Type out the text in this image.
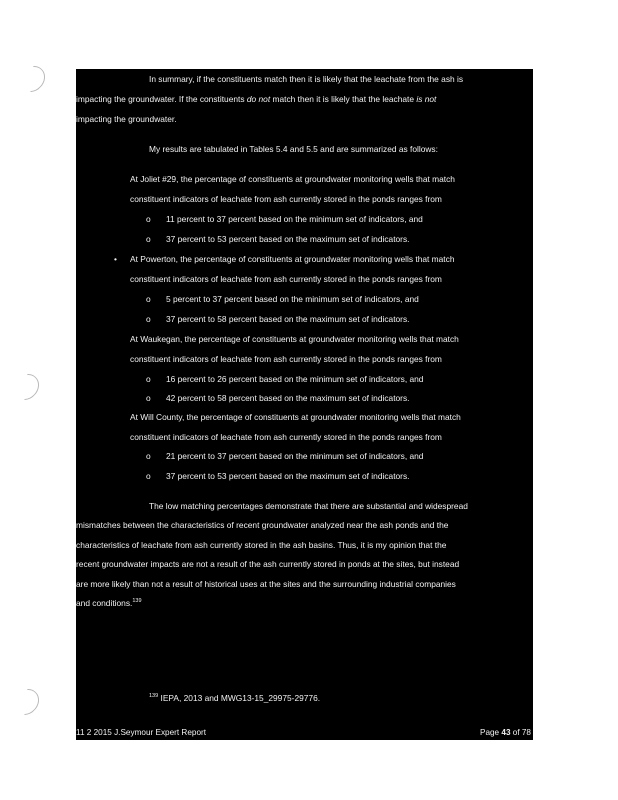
In summary, if the constituents match then it is likely that the leachate from the ash is
impacting the groundwater. If the constituents do not match then it is likely that the leachate is not
impacting the groundwater.
My results are tabulated in Tables 5.4 and 5.5 and are summarized as follows:
At Joliet #29, the percentage of constituents at groundwater monitoring wells that match
constituent indicators of leachate from ash currently stored in the ponds ranges from
o 11 percent to 37 percent based on the minimum set of indicators, and
o 37 percent to 53 percent based on the maximum set of indicators.
• At Powerton, the percentage of constituents at groundwater monitoring wells that match
constituent indicators of leachate from ash currently stored in the ponds ranges from
o 5 percent to 37 percent based on the minimum set of indicators, and
o 37 percent to 58 percent based on the maximum set of indicators.
At Waukegan, the percentage of constituents at groundwater monitoring wells that match
constituent indicators of leachate from ash currently stored in the ponds ranges from
o 16 percent to 26 percent based on the minimum set of indicators, and
o 42 percent to 58 percent based on the maximum set of indicators.
At Will County, the percentage of constituents at groundwater monitoring wells that match
constituent indicators of leachate from ash currently stored in the ponds ranges from
o 21 percent to 37 percent based on the minimum set of indicators, and
o 37 percent to 53 percent based on the maximum set of indicators.
The low matching percentages demonstrate that there are substantial and widespread
mismatches between the characteristics of recent groundwater analyzed near the ash ponds and the
characteristics of leachate from ash currently stored in the ash basins. Thus, it is my opinion that the
recent groundwater impacts are not a result of the ash currently stored in ponds at the sites, but instead
are more likely than not a result of historical uses at the sites and the surrounding industrial companies
and conditions.$^{139}$
$^{139}$ IEPA, 2013 and MWG13-15_29975-29776.
11 2 2015 J.Seymour Expert Report	Page 43 of 78
